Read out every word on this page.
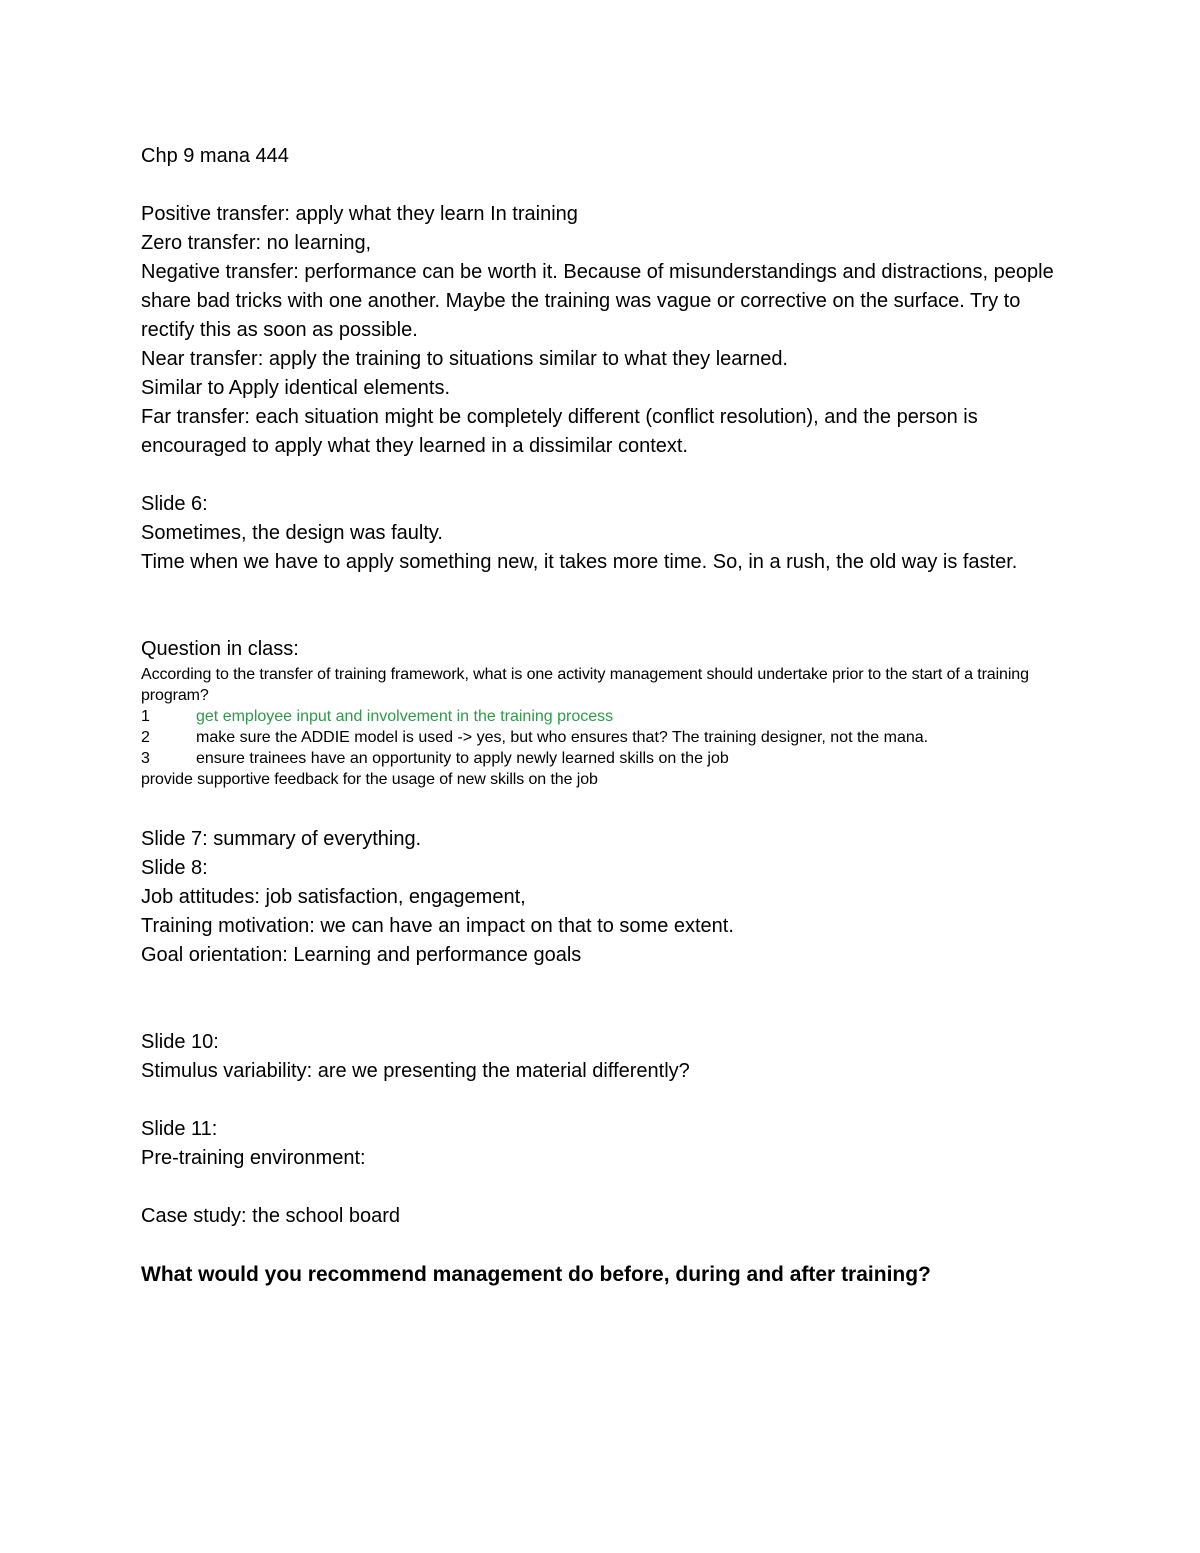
Chp 9 mana 444

Positive transfer: apply what they learn In training

Zero transfer: no learning,

Negative transfer: performance can be worth it. Because of misunderstandings and distractions, people share bad tricks with one another. Maybe the training was vague or corrective on the surface. Try to rectify this as soon as possible.

Near transfer: apply the training to situations similar to what they learned.

Similar to Apply identical elements.

Far transfer: each situation might be completely different (conflict resolution), and the person is encouraged to apply what they learned in a dissimilar context.

Slide 6:

Sometimes, the design was faulty.

Time when we have to apply something new, it takes more time. So, in a rush, the old way is faster.

Question in class:

According to the transfer of training framework, what is one activity management should undertake prior to the start of a training program?

1	get employee input and involvement in the training process
2	make sure the ADDIE model is used -> yes, but who ensures that? The training designer, not the mana.
3	ensure trainees have an opportunity to apply newly learned skills on the job

provide supportive feedback for the usage of new skills on the job

Slide 7: summary of everything.

Slide 8:

Job attitudes: job satisfaction, engagement,

Training motivation: we can have an impact on that to some extent.

Goal orientation: Learning and performance goals

Slide 10:

Stimulus variability: are we presenting the material differently?

Slide 11:

Pre-training environment:

Case study: the school board

What would you recommend management do before, during and after training?
